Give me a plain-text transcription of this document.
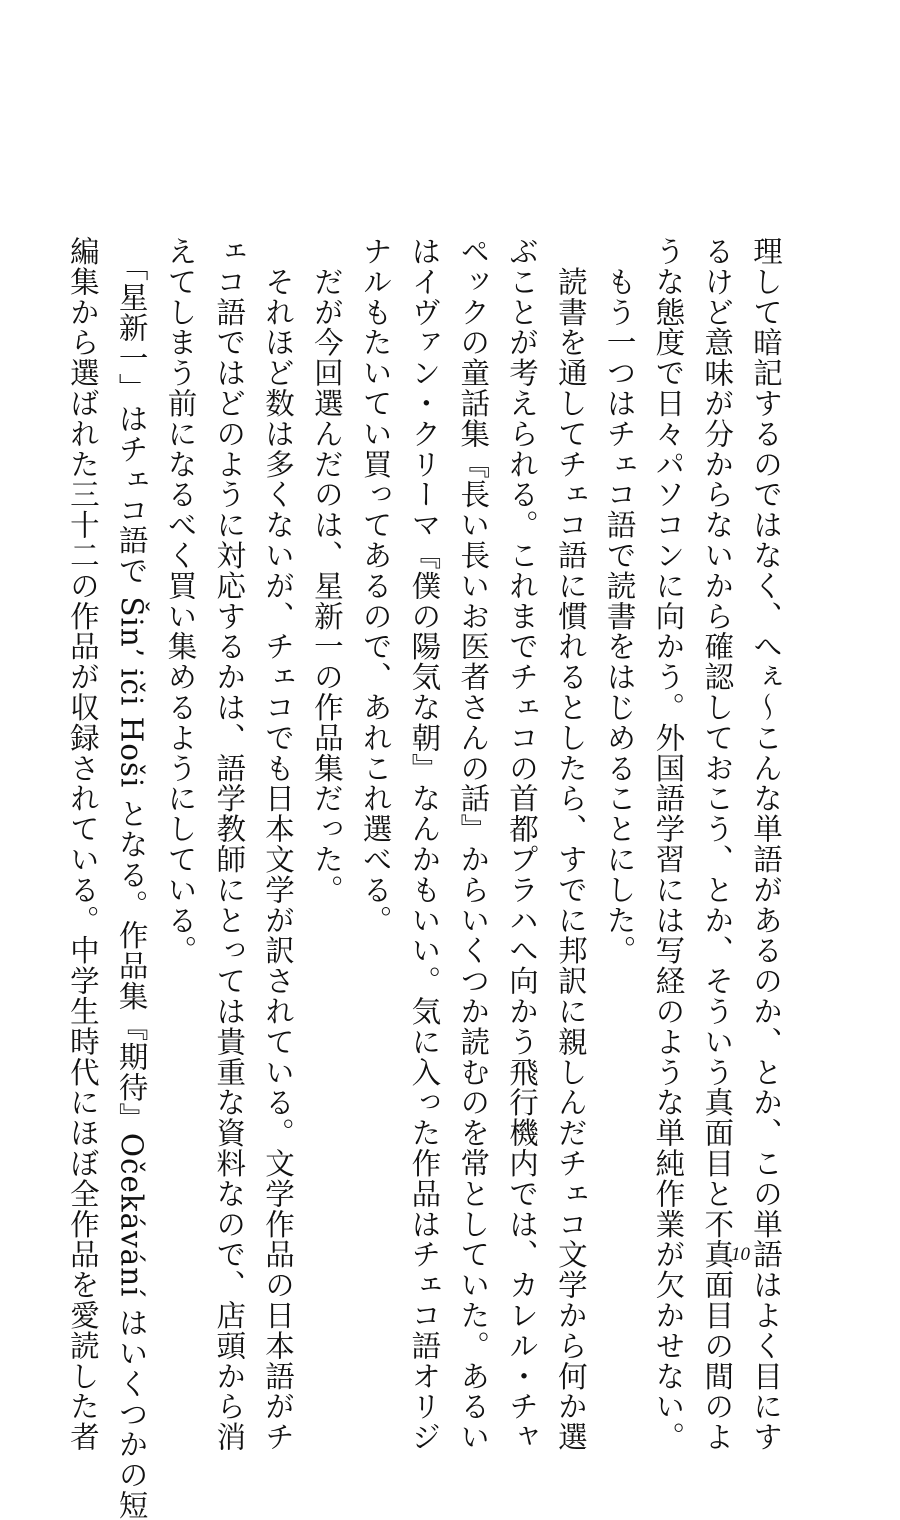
理して暗記するのではなく、へぇ～こんな単語があるのか、とか、この単語はよく目にす

るけど意味が分からないから確認しておこう、とか、そういう真面目と不真面目の間のよ

うな態度で日々パソコンに向かう。外国語学習には写経のような単純作業が欠かせない。

　もう一つはチェコ語で読書をはじめることにした。

　読書を通してチェコ語に慣れるとしたら、すでに邦訳に親しんだチェコ文学から何か選

ぶことが考えられる。これまでチェコの首都プラハへ向かう飛行機内では、カレル・チャ

ペックの童話集『長い長いお医者さんの話』からいくつか読むのを常としていた。あるい

はイヴァン・クリーマ『僕の陽気な朝』なんかもいい。気に入った作品はチェコ語オリジ

ナルもたいてい買ってあるので、あれこれ選べる。

　だが今回選んだのは、星新一の作品集だった。

　それほど数は多くないが、チェコでも日本文学が訳されている。文学作品の日本語がチ

ェコ語ではどのように対応するかは、語学教師にとっては貴重な資料なので、店頭から消

えてしまう前になるべく買い集めるようにしている。

　「星新一」はチェコ語で Šin’ iči Hoši となる。作品集『期待』Očekávání はいくつかの短

編集から選ばれた三十二の作品が収録されている。中学生時代にほぼ全作品を愛読した者	10
